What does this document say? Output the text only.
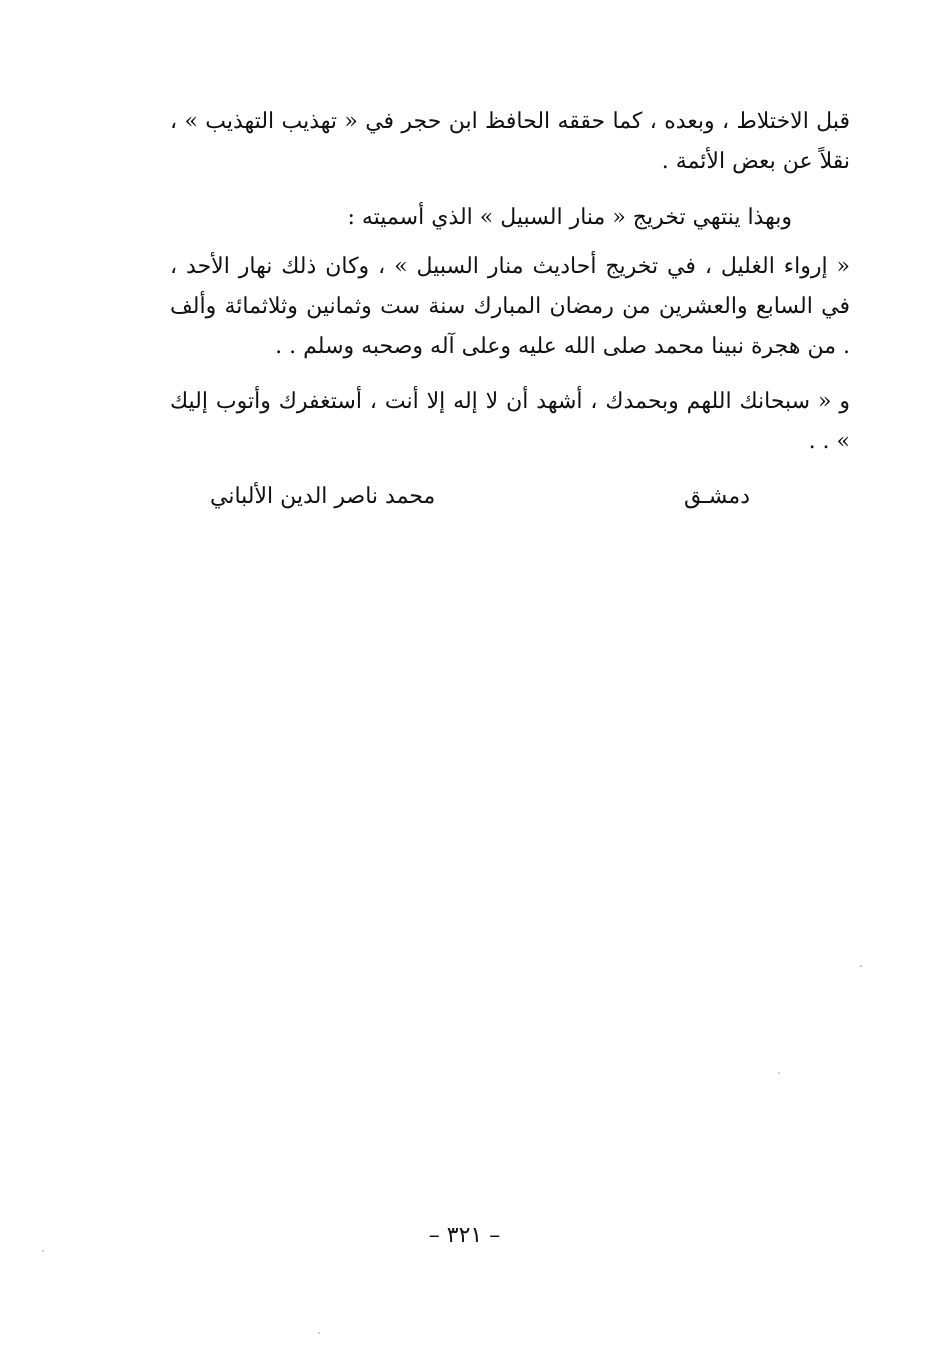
قبل الاختلاط ، وبعده ، كما حققه الحافظ ابن حجر في « تهذيب التهذيب » ، نقلاً عن بعض الأئمة .

وبهذا ينتهي تخريج « منار السبيل » الذي أسميته :

« إرواء الغليل ، في تخريج أحاديث منار السبيل » ، وكان ذلك نهار الأحد ، في السابع والعشرين من رمضان المبارك سنة ست وثمانين وثلاثمائة وألف . من هجرة نبينا محمد صلى الله عليه وعلى آله وصحبه وسلم . .

و « سبحانك اللهم وبحمدك ، أشهد أن لا إله إلا أنت ، أستغفرك وأتوب إليك » . .

دمشـق
محمد ناصر الدين الألباني
– ٣٢١ –
